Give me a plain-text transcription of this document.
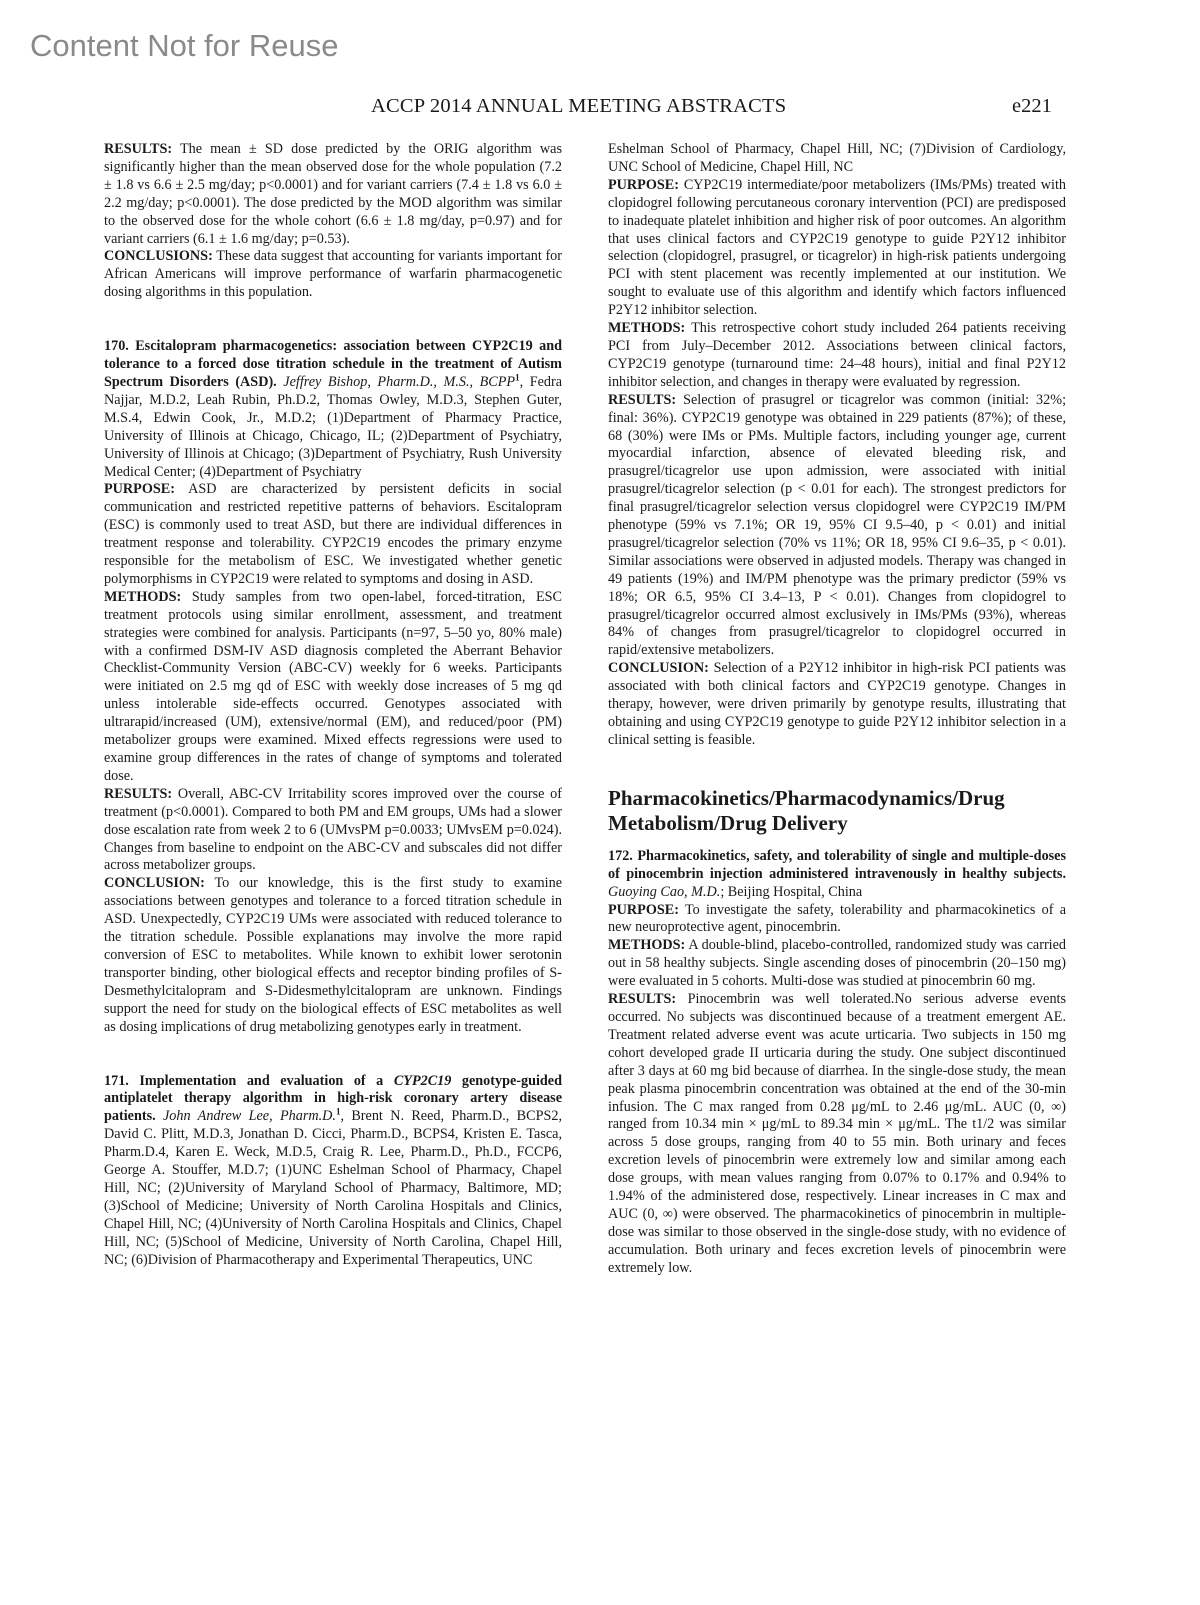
Content Not for Reuse
ACCP 2014 ANNUAL MEETING ABSTRACTS	e221

RESULTS: The mean ± SD dose predicted by the ORIG algorithm was significantly higher than the mean observed dose for the whole population (7.2 ± 1.8 vs 6.6 ± 2.5 mg/day; p<0.0001) and for variant carriers (7.4 ± 1.8 vs 6.0 ± 2.2 mg/day; p<0.0001). The dose predicted by the MOD algorithm was similar to the observed dose for the whole cohort (6.6 ± 1.8 mg/day, p=0.97) and for variant carriers (6.1 ± 1.6 mg/day; p=0.53).

CONCLUSIONS: These data suggest that accounting for variants important for African Americans will improve performance of warfarin pharmacogenetic dosing algorithms in this population.

170. Escitalopram pharmacogenetics: association between CYP2C19 and tolerance to a forced dose titration schedule in the treatment of Autism Spectrum Disorders (ASD). Jeffrey Bishop, Pharm.D., M.S., BCPP$^1$, Fedra Najjar, M.D.2, Leah Rubin, Ph.D.2, Thomas Owley, M.D.3, Stephen Guter, M.S.4, Edwin Cook, Jr., M.D.2; (1)Department of Pharmacy Practice, University of Illinois at Chicago, Chicago, IL; (2)Department of Psychiatry, University of Illinois at Chicago; (3)Department of Psychiatry, Rush University Medical Center; (4)Department of Psychiatry

PURPOSE: ASD are characterized by persistent deficits in social communication and restricted repetitive patterns of behaviors. Escitalopram (ESC) is commonly used to treat ASD, but there are individual differences in treatment response and tolerability. CYP2C19 encodes the primary enzyme responsible for the metabolism of ESC. We investigated whether genetic polymorphisms in CYP2C19 were related to symptoms and dosing in ASD.

METHODS: Study samples from two open-label, forced-titration, ESC treatment protocols using similar enrollment, assessment, and treatment strategies were combined for analysis. Participants (n=97, 5–50 yo, 80% male) with a confirmed DSM-IV ASD diagnosis completed the Aberrant Behavior Checklist-Community Version (ABC-CV) weekly for 6 weeks. Participants were initiated on 2.5 mg qd of ESC with weekly dose increases of 5 mg qd unless intolerable side-effects occurred. Genotypes associated with ultrarapid/increased (UM), extensive/normal (EM), and reduced/poor (PM) metabolizer groups were examined. Mixed effects regressions were used to examine group differences in the rates of change of symptoms and tolerated dose.

RESULTS: Overall, ABC-CV Irritability scores improved over the course of treatment (p<0.0001). Compared to both PM and EM groups, UMs had a slower dose escalation rate from week 2 to 6 (UMvsPM p=0.0033; UMvsEM p=0.024). Changes from baseline to endpoint on the ABC-CV and subscales did not differ across metabolizer groups.

CONCLUSION: To our knowledge, this is the first study to examine associations between genotypes and tolerance to a forced titration schedule in ASD. Unexpectedly, CYP2C19 UMs were associated with reduced tolerance to the titration schedule. Possible explanations may involve the more rapid conversion of ESC to metabolites. While known to exhibit lower serotonin transporter binding, other biological effects and receptor binding profiles of S-Desmethylcitalopram and S-Didesmethylcitalopram are unknown. Findings support the need for study on the biological effects of ESC metabolites as well as dosing implications of drug metabolizing genotypes early in treatment.

171. Implementation and evaluation of a CYP2C19 genotype-guided antiplatelet therapy algorithm in high-risk coronary artery disease patients. John Andrew Lee, Pharm.D.$^1$, Brent N. Reed, Pharm.D., BCPS2, David C. Plitt, M.D.3, Jonathan D. Cicci, Pharm.D., BCPS4, Kristen E. Tasca, Pharm.D.4, Karen E. Weck, M.D.5, Craig R. Lee, Pharm.D., Ph.D., FCCP6, George A. Stouffer, M.D.7; (1)UNC Eshelman School of Pharmacy, Chapel Hill, NC; (2)University of Maryland School of Pharmacy, Baltimore, MD; (3)School of Medicine; University of North Carolina Hospitals and Clinics, Chapel Hill, NC; (4)University of North Carolina Hospitals and Clinics, Chapel Hill, NC; (5)School of Medicine, University of North Carolina, Chapel Hill, NC; (6)Division of Pharmacotherapy and Experimental Therapeutics, UNC

Eshelman School of Pharmacy, Chapel Hill, NC; (7)Division of Cardiology, UNC School of Medicine, Chapel Hill, NC

PURPOSE: CYP2C19 intermediate/poor metabolizers (IMs/PMs) treated with clopidogrel following percutaneous coronary intervention (PCI) are predisposed to inadequate platelet inhibition and higher risk of poor outcomes. An algorithm that uses clinical factors and CYP2C19 genotype to guide P2Y12 inhibitor selection (clopidogrel, prasugrel, or ticagrelor) in high-risk patients undergoing PCI with stent placement was recently implemented at our institution. We sought to evaluate use of this algorithm and identify which factors influenced P2Y12 inhibitor selection.

METHODS: This retrospective cohort study included 264 patients receiving PCI from July–December 2012. Associations between clinical factors, CYP2C19 genotype (turnaround time: 24–48 hours), initial and final P2Y12 inhibitor selection, and changes in therapy were evaluated by regression.

RESULTS: Selection of prasugrel or ticagrelor was common (initial: 32%; final: 36%). CYP2C19 genotype was obtained in 229 patients (87%); of these, 68 (30%) were IMs or PMs. Multiple factors, including younger age, current myocardial infarction, absence of elevated bleeding risk, and prasugrel/ticagrelor use upon admission, were associated with initial prasugrel/ticagrelor selection (p < 0.01 for each). The strongest predictors for final prasugrel/ticagrelor selection versus clopidogrel were CYP2C19 IM/PM phenotype (59% vs 7.1%; OR 19, 95% CI 9.5–40, p < 0.01) and initial prasugrel/ticagrelor selection (70% vs 11%; OR 18, 95% CI 9.6–35, p < 0.01). Similar associations were observed in adjusted models. Therapy was changed in 49 patients (19%) and IM/PM phenotype was the primary predictor (59% vs 18%; OR 6.5, 95% CI 3.4–13, P < 0.01). Changes from clopidogrel to prasugrel/ticagrelor occurred almost exclusively in IMs/PMs (93%), whereas 84% of changes from prasugrel/ticagrelor to clopidogrel occurred in rapid/extensive metabolizers.

CONCLUSION: Selection of a P2Y12 inhibitor in high-risk PCI patients was associated with both clinical factors and CYP2C19 genotype. Changes in therapy, however, were driven primarily by genotype results, illustrating that obtaining and using CYP2C19 genotype to guide P2Y12 inhibitor selection in a clinical setting is feasible.

Pharmacokinetics/Pharmacodynamics/Drug Metabolism/Drug Delivery

172. Pharmacokinetics, safety, and tolerability of single and multiple-doses of pinocembrin injection administered intravenously in healthy subjects. Guoying Cao, M.D.; Beijing Hospital, China

PURPOSE: To investigate the safety, tolerability and pharmacokinetics of a new neuroprotective agent, pinocembrin.

METHODS: A double-blind, placebo-controlled, randomized study was carried out in 58 healthy subjects. Single ascending doses of pinocembrin (20–150 mg) were evaluated in 5 cohorts. Multi-dose was studied at pinocembrin 60 mg.

RESULTS: Pinocembrin was well tolerated.No serious adverse events occurred. No subjects was discontinued because of a treatment emergent AE. Treatment related adverse event was acute urticaria. Two subjects in 150 mg cohort developed grade II urticaria during the study. One subject discontinued after 3 days at 60 mg bid because of diarrhea. In the single-dose study, the mean peak plasma pinocembrin concentration was obtained at the end of the 30-min infusion. The C max ranged from 0.28 μg/mL to 2.46 μg/mL. AUC (0, ∞) ranged from 10.34 min × μg/mL to 89.34 min × μg/mL. The t1/2 was similar across 5 dose groups, ranging from 40 to 55 min. Both urinary and feces excretion levels of pinocembrin were extremely low and similar among each dose groups, with mean values ranging from 0.07% to 0.17% and 0.94% to 1.94% of the administered dose, respectively. Linear increases in C max and AUC (0, ∞) were observed. The pharmacokinetics of pinocembrin in multiple-dose was similar to those observed in the single-dose study, with no evidence of accumulation. Both urinary and feces excretion levels of pinocembrin were extremely low.
